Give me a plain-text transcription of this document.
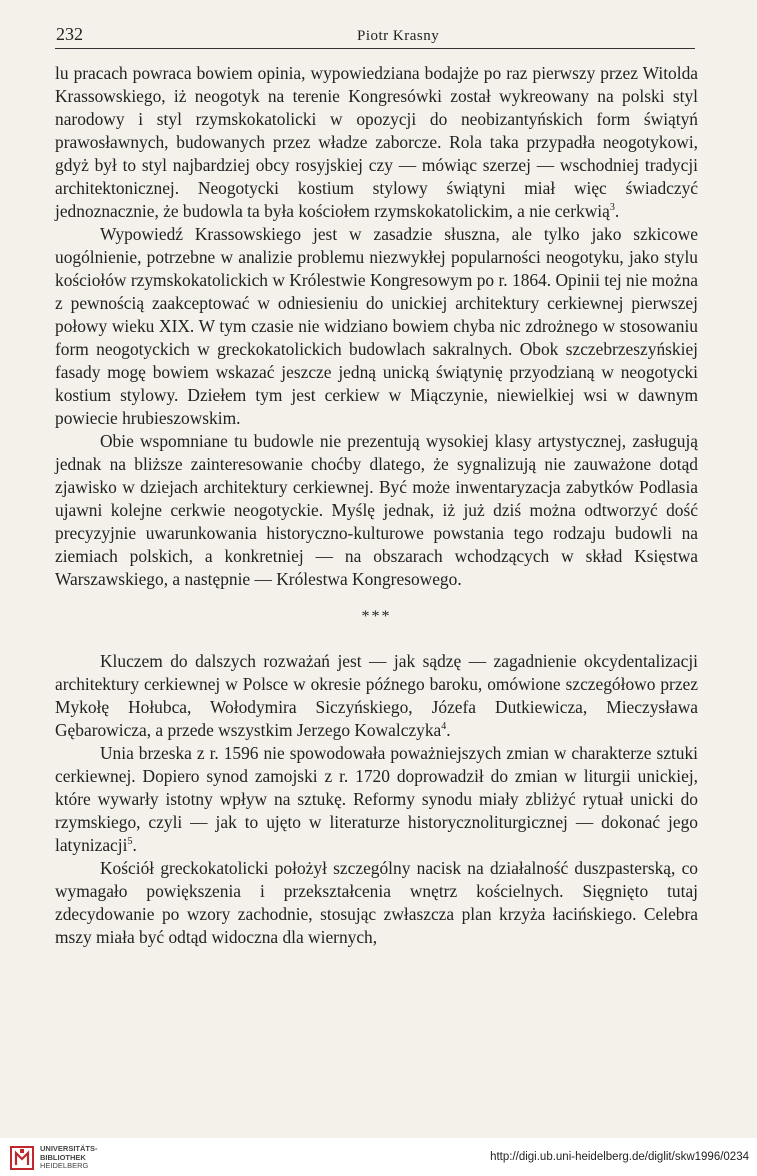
232	Piotr Krasny

lu pracach powraca bowiem opinia, wypowiedziana bodajże po raz pierwszy przez Witolda Krassowskiego, iż neogotyk na terenie Kongresówki został wykreowany na polski styl narodowy i styl rzymskokatolicki w opozycji do neobizantyńskich form świątyń prawosławnych, budowanych przez władze zaborcze. Rola taka przypadła neogotykowi, gdyż był to styl najbardziej obcy rosyjskiej czy — mówiąc szerzej — wschodniej tradycji architektonicznej. Neogotycki kostium stylowy świątyni miał więc świadczyć jednoznacznie, że budowla ta była kościołem rzymskokatolickim, a nie cerkwią$^3$.

Wypowiedź Krassowskiego jest w zasadzie słuszna, ale tylko jako szkicowe uogólnienie, potrzebne w analizie problemu niezwykłej popularności neogotyku, jako stylu kościołów rzymskokatolickich w Królestwie Kongresowym po r. 1864. Opinii tej nie można z pewnością zaakceptować w odniesieniu do unickiej architektury cerkiewnej pierwszej połowy wieku XIX. W tym czasie nie widziano bowiem chyba nic zdrożnego w stosowaniu form neogotyckich w greckokatolickich budowlach sakralnych. Obok szczebrzeszyńskiej fasady mogę bowiem wskazać jeszcze jedną unicką świątynię przyodzianą w neogotycki kostium stylowy. Dziełem tym jest cerkiew w Miączynie, niewielkiej wsi w dawnym powiecie hrubieszowskim.

Obie wspomniane tu budowle nie prezentują wysokiej klasy artystycznej, zasługują jednak na bliższe zainteresowanie choćby dlatego, że sygnalizują nie zauważone dotąd zjawisko w dziejach architektury cerkiewnej. Być może inwentaryzacja zabytków Podlasia ujawni kolejne cerkwie neogotyckie. Myślę jednak, iż już dziś można odtworzyć dość precyzyjnie uwarunkowania historyczno-kulturowe powstania tego rodzaju budowli na ziemiach polskich, a konkretniej — na obszarach wchodzących w skład Księstwa Warszawskiego, a następnie — Królestwa Kongresowego.

***

Kluczem do dalszych rozważań jest — jak sądzę — zagadnienie okcydentalizacji architektury cerkiewnej w Polsce w okresie późnego baroku, omówione szczegółowo przez Mykołę Hołubca, Wołodymira Siczyńskiego, Józefa Dutkiewicza, Mieczysława Gębarowicza, a przede wszystkim Jerzego Kowalczyka$^4$.

Unia brzeska z r. 1596 nie spowodowała poważniejszych zmian w charakterze sztuki cerkiewnej. Dopiero synod zamojski z r. 1720 doprowadził do zmian w liturgii unickiej, które wywarły istotny wpływ na sztukę. Reformy synodu miały zbliżyć rytuał unicki do rzymskiego, czyli — jak to ujęto w literaturze historycznoliturgicznej — dokonać jego latynizacji$^5$.

Kościół greckokatolicki położył szczególny nacisk na działalność duszpasterską, co wymagało powiększenia i przekształcenia wnętrz kościelnych. Sięgnięto tutaj zdecydowanie po wzory zachodnie, stosując zwłaszcza plan krzyża łacińskiego. Celebra mszy miała być odtąd widoczna dla wiernych,

UNIVERSITÄTS-
BIBLIOTHEK
HEIDELBERG
http://digi.ub.uni-heidelberg.de/diglit/skw1996/0234
